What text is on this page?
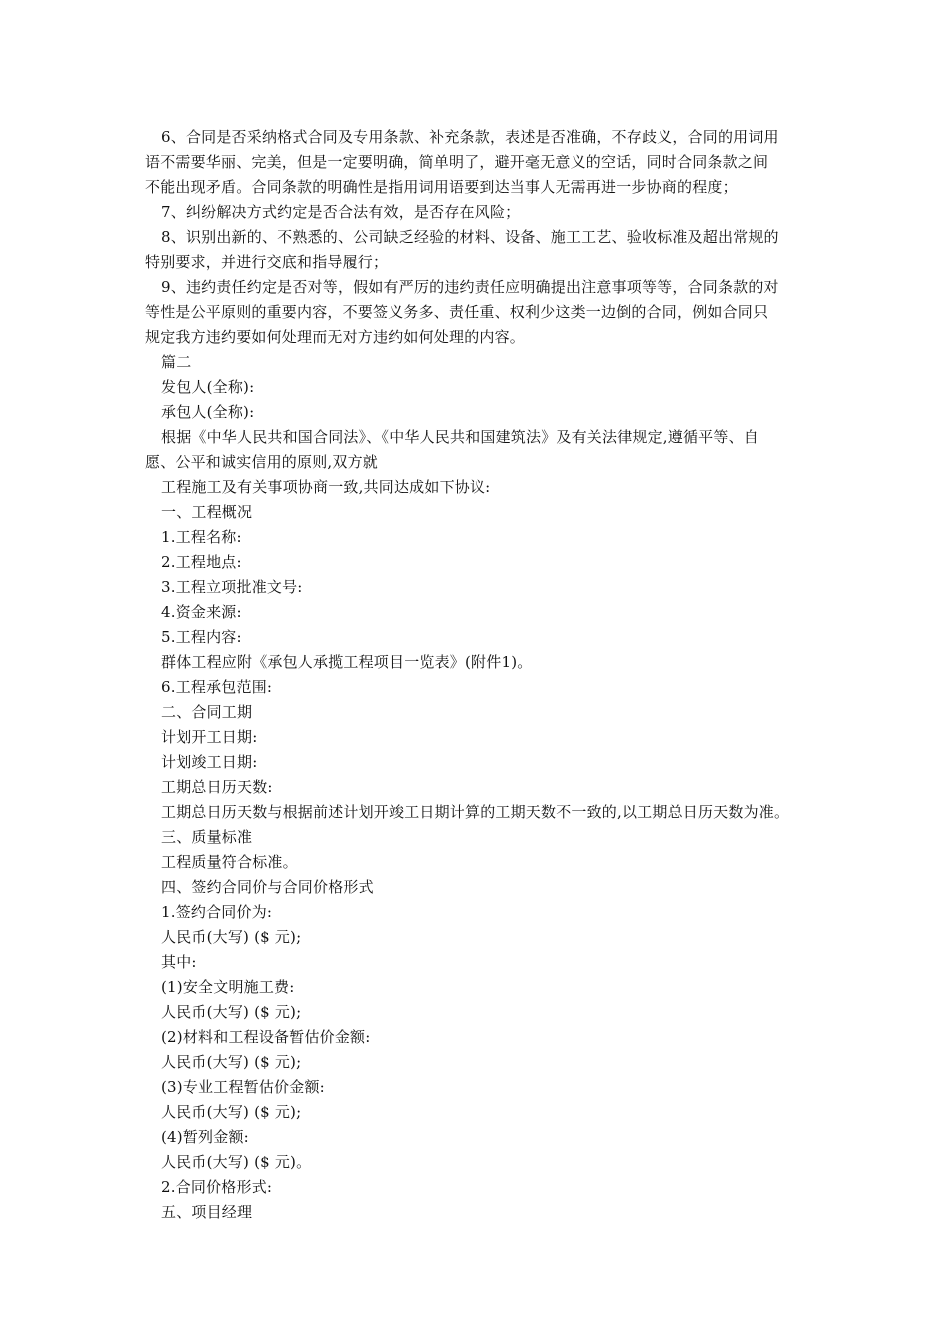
6、合同是否采纳格式合同及专用条款、补充条款，表述是否准确，不存歧义，合同的用词用
语不需要华丽、完美，但是一定要明确，简单明了，避开毫无意义的空话，同时合同条款之间
不能出现矛盾。合同条款的明确性是指用词用语要到达当事人无需再进一步协商的程度；
7、纠纷解决方式约定是否合法有效，是否存在风险；
8、识别出新的、不熟悉的、公司缺乏经验的材料、设备、施工工艺、验收标准及超出常规的
特别要求，并进行交底和指导履行；
9、违约责任约定是否对等，假如有严厉的违约责任应明确提出注意事项等等，合同条款的对
等性是公平原则的重要内容，不要签义务多、责任重、权利少这类一边倒的合同，例如合同只
规定我方违约要如何处理而无对方违约如何处理的内容。
篇二
发包人(全称):
承包人(全称):
根据《中华人民共和国合同法》、《中华人民共和国建筑法》及有关法律规定,遵循平等、自
愿、公平和诚实信用的原则,双方就
工程施工及有关事项协商一致,共同达成如下协议:
一、工程概况
1.工程名称:
2.工程地点:
3.工程立项批准文号:
4.资金来源:
5.工程内容:
群体工程应附《承包人承揽工程项目一览表》(附件1)。
6.工程承包范围:
二、合同工期
计划开工日期:
计划竣工日期:
工期总日历天数:
工期总日历天数与根据前述计划开竣工日期计算的工期天数不一致的,以工期总日历天数为准。
三、质量标准
工程质量符合标准。
四、签约合同价与合同价格形式
1.签约合同价为:
人民币(大写) ($ 元);
其中:
(1)安全文明施工费:
人民币(大写) ($ 元);
(2)材料和工程设备暂估价金额:
人民币(大写) ($ 元);
(3)专业工程暂估价金额:
人民币(大写) ($ 元);
(4)暂列金额:
人民币(大写) ($ 元)。
2.合同价格形式:
五、项目经理
